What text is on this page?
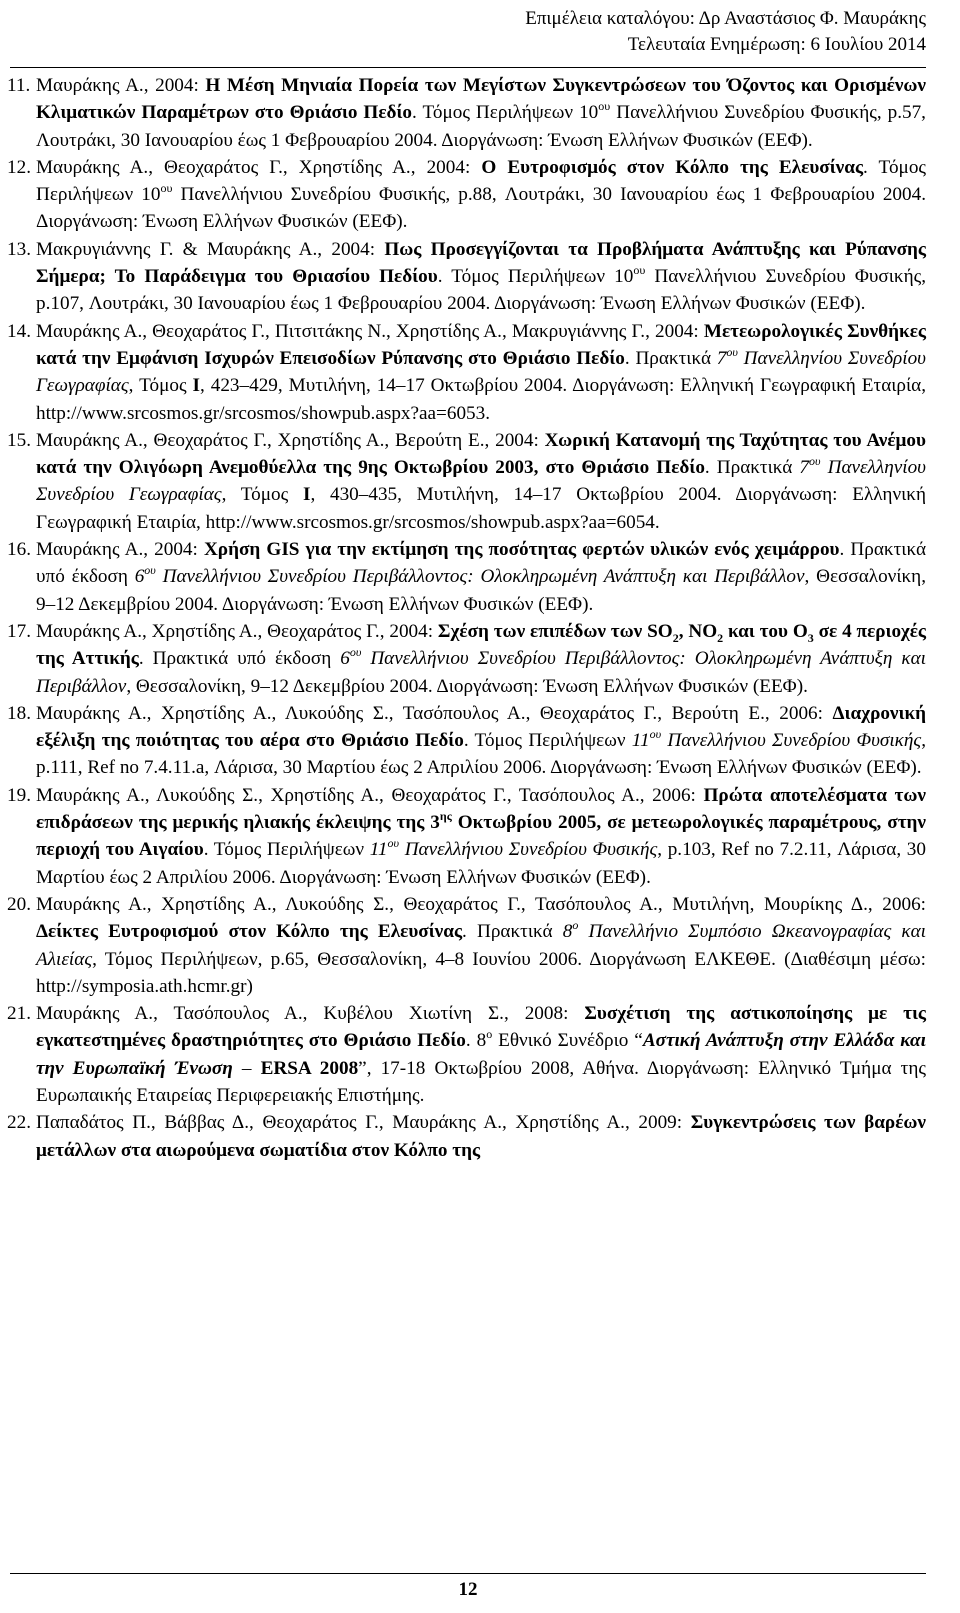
Επιμέλεια καταλόγου: Δρ Αναστάσιος Φ. Μαυράκης
Τελευταία Ενημέρωση: 6 Ιουλίου 2014
11. Μαυράκης Α., 2004: Η Μέση Μηνιαία Πορεία των Μεγίστων Συγκεντρώσεων του Όζοντος και Ορισμένων Κλιματικών Παραμέτρων στο Θριάσιο Πεδίο. Τόμος Περιλήψεων $10^{o\upsilon}$ Πανελλήνιου Συνεδρίου Φυσικής, p.57, Λουτράκι, 30 Ιανουαρίου έως 1 Φεβρουαρίου 2004. Διοργάνωση: Ένωση Ελλήνων Φυσικών (ΕΕΦ).
12. Μαυράκης Α., Θεοχαράτος Γ., Χρηστίδης Α., 2004: Ο Ευτροφισμός στον Κόλπο της Ελευσίνας. Τόμος Περιλήψεων $10^{o\upsilon}$ Πανελλήνιου Συνεδρίου Φυσικής, p.88, Λουτράκι, 30 Ιανουαρίου έως 1 Φεβρουαρίου 2004. Διοργάνωση: Ένωση Ελλήνων Φυσικών (ΕΕΦ).
13. Μακρυγιάννης Γ. & Μαυράκης Α., 2004: Πως Προσεγγίζονται τα Προβλήματα Ανάπτυξης και Ρύπανσης Σήμερα; Το Παράδειγμα του Θριασίου Πεδίου. Τόμος Περιλήψεων $10^{o\upsilon}$ Πανελλήνιου Συνεδρίου Φυσικής, p.107, Λουτράκι, 30 Ιανουαρίου έως 1 Φεβρουαρίου 2004. Διοργάνωση: Ένωση Ελλήνων Φυσικών (ΕΕΦ).
14. Μαυράκης Α., Θεοχαράτος Γ., Πιτσιτάκης Ν., Χρηστίδης Α., Μακρυγιάννης Γ., 2004: Μετεωρολογικές Συνθήκες κατά την Εμφάνιση Ισχυρών Επεισοδίων Ρύπανσης στο Θριάσιο Πεδίο. Πρακτικά $7^{o\upsilon}$ Πανελληνίου Συνεδρίου Γεωγραφίας, Τόμος Ι, 423–429, Μυτιλήνη, 14–17 Οκτωβρίου 2004. Διοργάνωση: Ελληνική Γεωγραφική Εταιρία, http://www.srcosmos.gr/srcosmos/showpub.aspx?aa=6053.
15. Μαυράκης Α., Θεοχαράτος Γ., Χρηστίδης Α., Βερούτη Ε., 2004: Χωρική Κατανομή της Ταχύτητας του Ανέμου κατά την Ολιγόωρη Ανεμοθύελλα της 9ης Οκτωβρίου 2003, στο Θριάσιο Πεδίο. Πρακτικά $7^{o\upsilon}$ Πανελληνίου Συνεδρίου Γεωγραφίας, Τόμος Ι, 430–435, Μυτιλήνη, 14–17 Οκτωβρίου 2004. Διοργάνωση: Ελληνική Γεωγραφική Εταιρία, http://www.srcosmos.gr/srcosmos/showpub.aspx?aa=6054.
16. Μαυράκης Α., 2004: Χρήση GIS για την εκτίμηση της ποσότητας φερτών υλικών ενός χειμάρρου. Πρακτικά υπό έκδοση $6^{o\upsilon}$ Πανελλήνιου Συνεδρίου Περιβάλλοντος: Ολοκληρωμένη Ανάπτυξη και Περιβάλλον, Θεσσαλονίκη, 9–12 Δεκεμβρίου 2004. Διοργάνωση: Ένωση Ελλήνων Φυσικών (ΕΕΦ).
17. Μαυράκης Α., Χρηστίδης Α., Θεοχαράτος Γ., 2004: Σχέση των επιπέδων των $SO_2$, $NO_2$ και του $O_3$ σε 4 περιοχές της Αττικής. Πρακτικά υπό έκδοση $6^{o\upsilon}$ Πανελλήνιου Συνεδρίου Περιβάλλοντος: Ολοκληρωμένη Ανάπτυξη και Περιβάλλον, Θεσσαλονίκη, 9–12 Δεκεμβρίου 2004. Διοργάνωση: Ένωση Ελλήνων Φυσικών (ΕΕΦ).
18. Μαυράκης Α., Χρηστίδης Α., Λυκούδης Σ., Τασόπουλος Α., Θεοχαράτος Γ., Βερούτη Ε., 2006: Διαχρονική εξέλιξη της ποιότητας του αέρα στο Θριάσιο Πεδίο. Τόμος Περιλήψεων $11^{o\upsilon}$ Πανελλήνιου Συνεδρίου Φυσικής, p.111, Ref no 7.4.11.a, Λάρισα, 30 Μαρτίου έως 2 Απριλίου 2006. Διοργάνωση: Ένωση Ελλήνων Φυσικών (ΕΕΦ).
19. Μαυράκης Α., Λυκούδης Σ., Χρηστίδης Α., Θεοχαράτος Γ., Τασόπουλος Α., 2006: Πρώτα αποτελέσματα των επιδράσεων της μερικής ηλιακής έκλειψης της $3^{\eta\varsigma}$ Οκτωβρίου 2005, σε μετεωρολογικές παραμέτρους, στην περιοχή του Αιγαίου. Τόμος Περιλήψεων $11^{o\upsilon}$ Πανελλήνιου Συνεδρίου Φυσικής, p.103, Ref no 7.2.11, Λάρισα, 30 Μαρτίου έως 2 Απριλίου 2006. Διοργάνωση: Ένωση Ελλήνων Φυσικών (ΕΕΦ).
20. Μαυράκης Α., Χρηστίδης Α., Λυκούδης Σ., Θεοχαράτος Γ., Τασόπουλος Α., Μυτιλήνη, Μουρίκης Δ., 2006: Δείκτες Ευτροφισμού στον Κόλπο της Ελευσίνας. Πρακτικά $8^o$ Πανελλήνιο Συμπόσιο Ωκεανογραφίας και Αλιείας, Τόμος Περιλήψεων, p.65, Θεσσαλονίκη, 4–8 Ιουνίου 2006. Διοργάνωση ΕΛΚΕΘΕ. (Διαθέσιμη μέσω: http://symposia.ath.hcmr.gr)
21. Μαυράκης Α., Τασόπουλος Α., Κυβέλου Χιωτίνη Σ., 2008: Συσχέτιση της αστικοποίησης με τις εγκατεστημένες δραστηριότητες στο Θριάσιο Πεδίο. $8^o$ Εθνικό Συνέδριο “Αστική Ανάπτυξη στην Ελλάδα και την Ευρωπαϊκή Ένωση – ERSA 2008”, 17-18 Οκτωβρίου 2008, Αθήνα. Διοργάνωση: Ελληνικό Τμήμα της Ευρωπαικής Εταιρείας Περιφερειακής Επιστήμης.
22. Παπαδάτος Π., Βάββας Δ., Θεοχαράτος Γ., Μαυράκης Α., Χρηστίδης Α., 2009: Συγκεντρώσεις των βαρέων μετάλλων στα αιωρούμενα σωματίδια στον Κόλπο της
12
